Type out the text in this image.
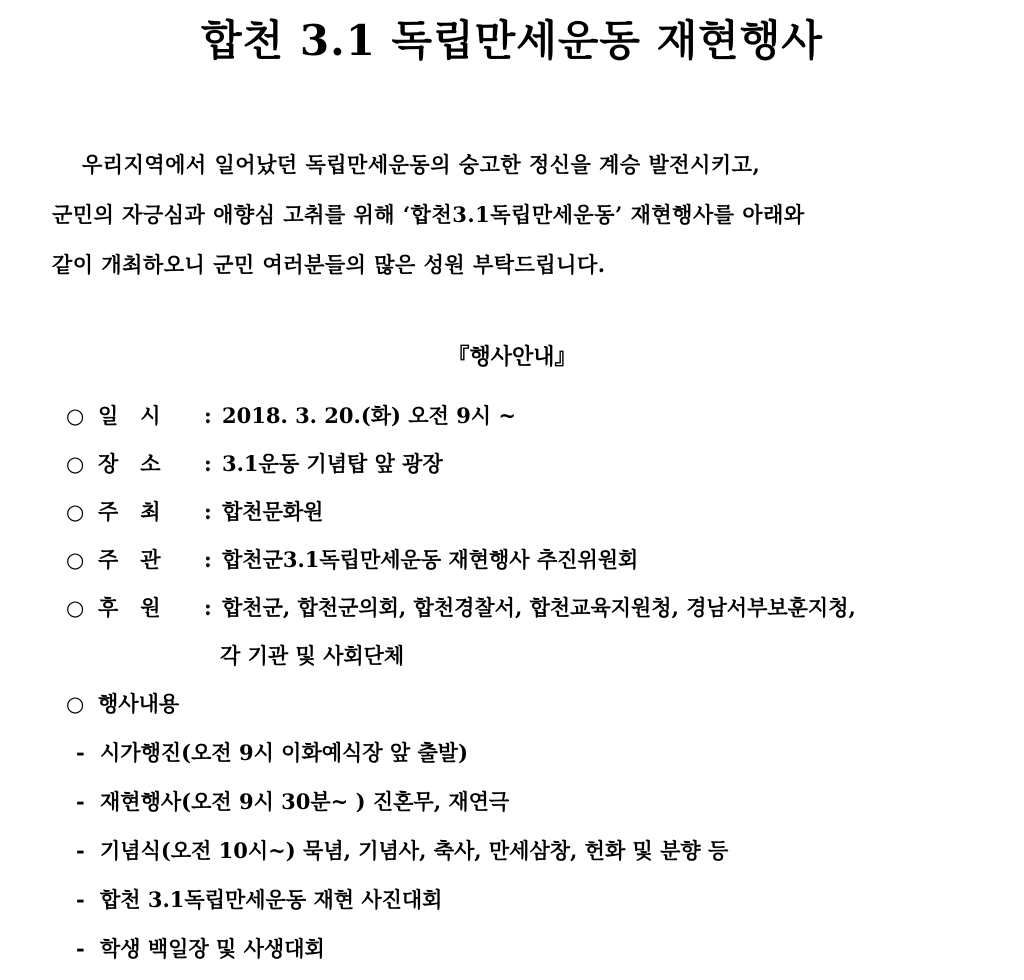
합천 3.1 독립만세운동 재현행사
우리지역에서 일어났던 독립만세운동의 숭고한 정신을 계승 발전시키고,
군민의 자긍심과 애향심 고취를 위해 ‘합천3.1독립만세운동’ 재현행사를 아래와
같이 개최하오니 군민 여러분들의 많은 성원 부탁드립니다.
『행사안내』
○ 일   시 : 2018. 3. 20.(화) 오전 9시 ~
○ 장   소 : 3.1운동 기념탑 앞 광장
○ 주   최 : 합천문화원
○ 주   관 : 합천군3.1독립만세운동 재현행사 추진위원회
○ 후   원 : 합천군, 합천군의회, 합천경찰서, 합천교육지원청, 경남서부보훈지청,
각 기관 및 사회단체
○ 행사내용
- 시가행진(오전 9시 이화예식장 앞 출발)
- 재현행사(오전 9시 30분~ ) 진혼무, 재연극
- 기념식(오전 10시~) 묵념, 기념사, 축사, 만세삼창, 헌화 및 분향 등
- 합천 3.1독립만세운동 재현 사진대회
- 학생 백일장 및 사생대회
